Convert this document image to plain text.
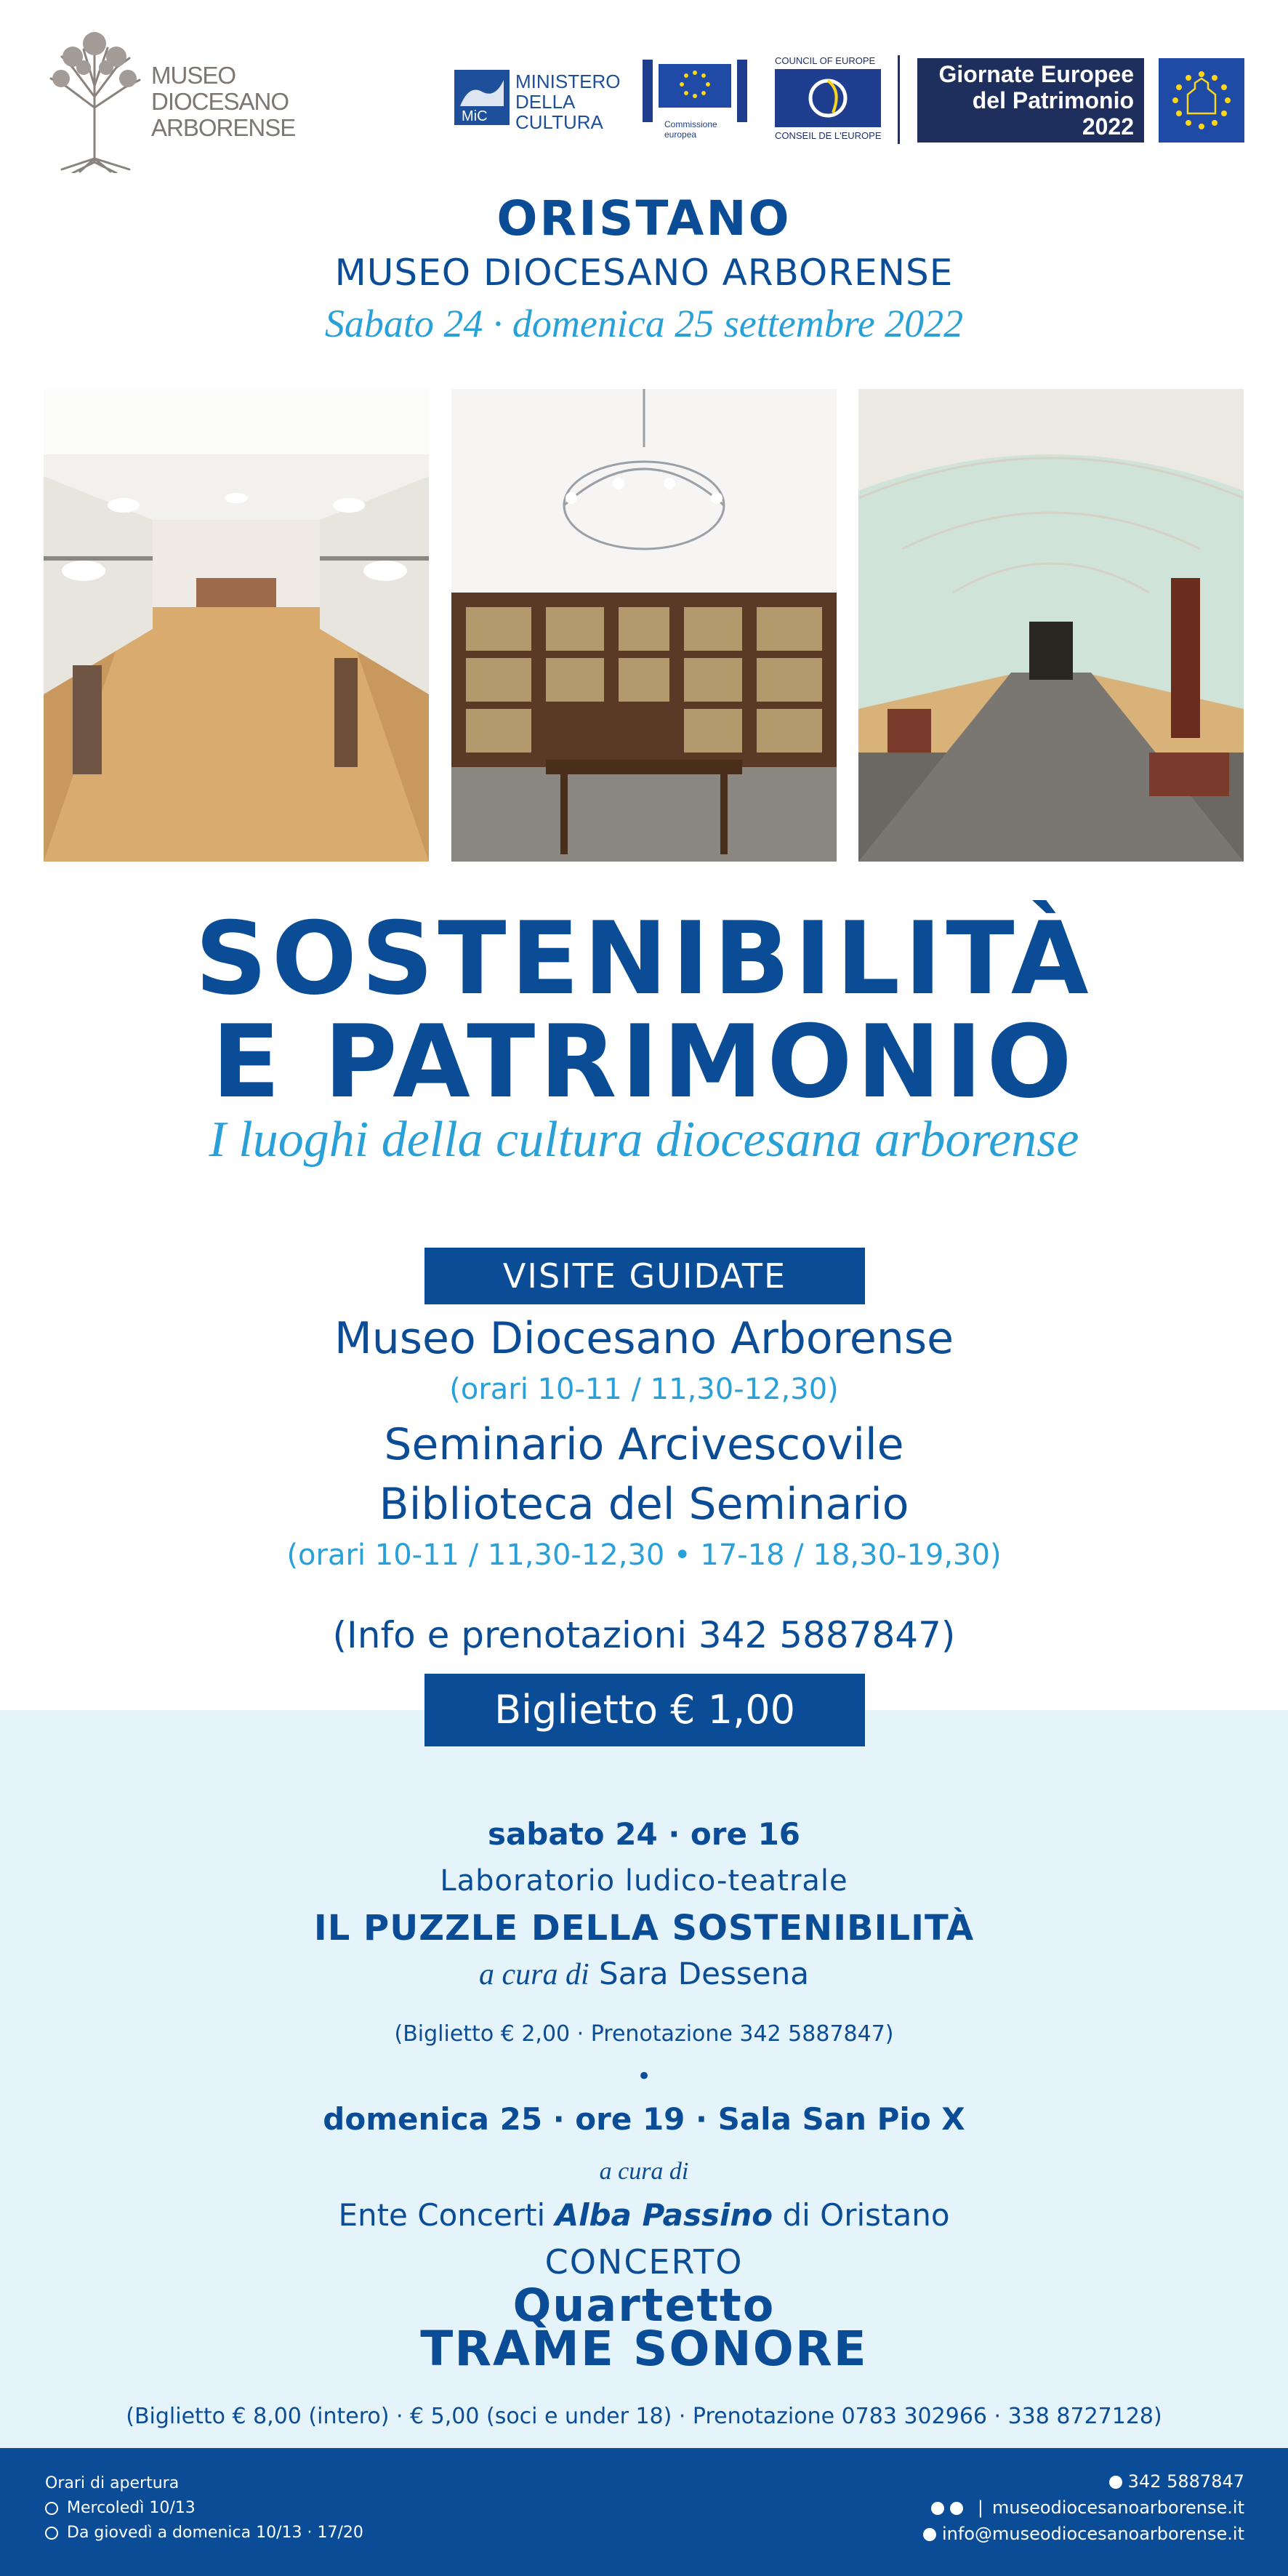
MUSEO
DIOCESANO
ARBORENSE	MiC
MINISTERO
DELLA
CULTURA	Commissione
europea
COUNCIL OF EUROPE
CONSEIL DE L'EUROPE
Giornate Europee
del Patrimonio
2022
ORISTANO
MUSEO DIOCESANO ARBORENSE
Sabato 24 · domenica 25 settembre 2022
SOSTENIBILITÀ
E PATRIMONIO
I luoghi della cultura diocesana arborense
VISITE GUIDATE
Museo Diocesano Arborense
(orari 10-11 / 11,30-12,30)
Seminario Arcivescovile
Biblioteca del Seminario
(orari 10-11 / 11,30-12,30 • 17-18 / 18,30-19,30)
(Info e prenotazioni 342 5887847)
Biglietto € 1,00
sabato 24 · ore 16
Laboratorio ludico-teatrale
IL PUZZLE DELLA SOSTENIBILITÀ
a cura di Sara Dessena
(Biglietto € 2,00 · Prenotazione 342 5887847)
•
domenica 25 · ore 19 · Sala San Pio X
a cura di
Ente Concerti Alba Passino di Oristano
CONCERTO
Quartetto
TRAME SONORE
(Biglietto € 8,00 (intero) · € 5,00 (soci e under 18) · Prenotazione 0783 302966 · 338 8727128)
Orari di apertura
Mercoledì 10/13
Da giovedì a domenica 10/13 · 17/20
342 5887847
| museodiocesanoarborense.it
info@museodiocesanoarborense.it
